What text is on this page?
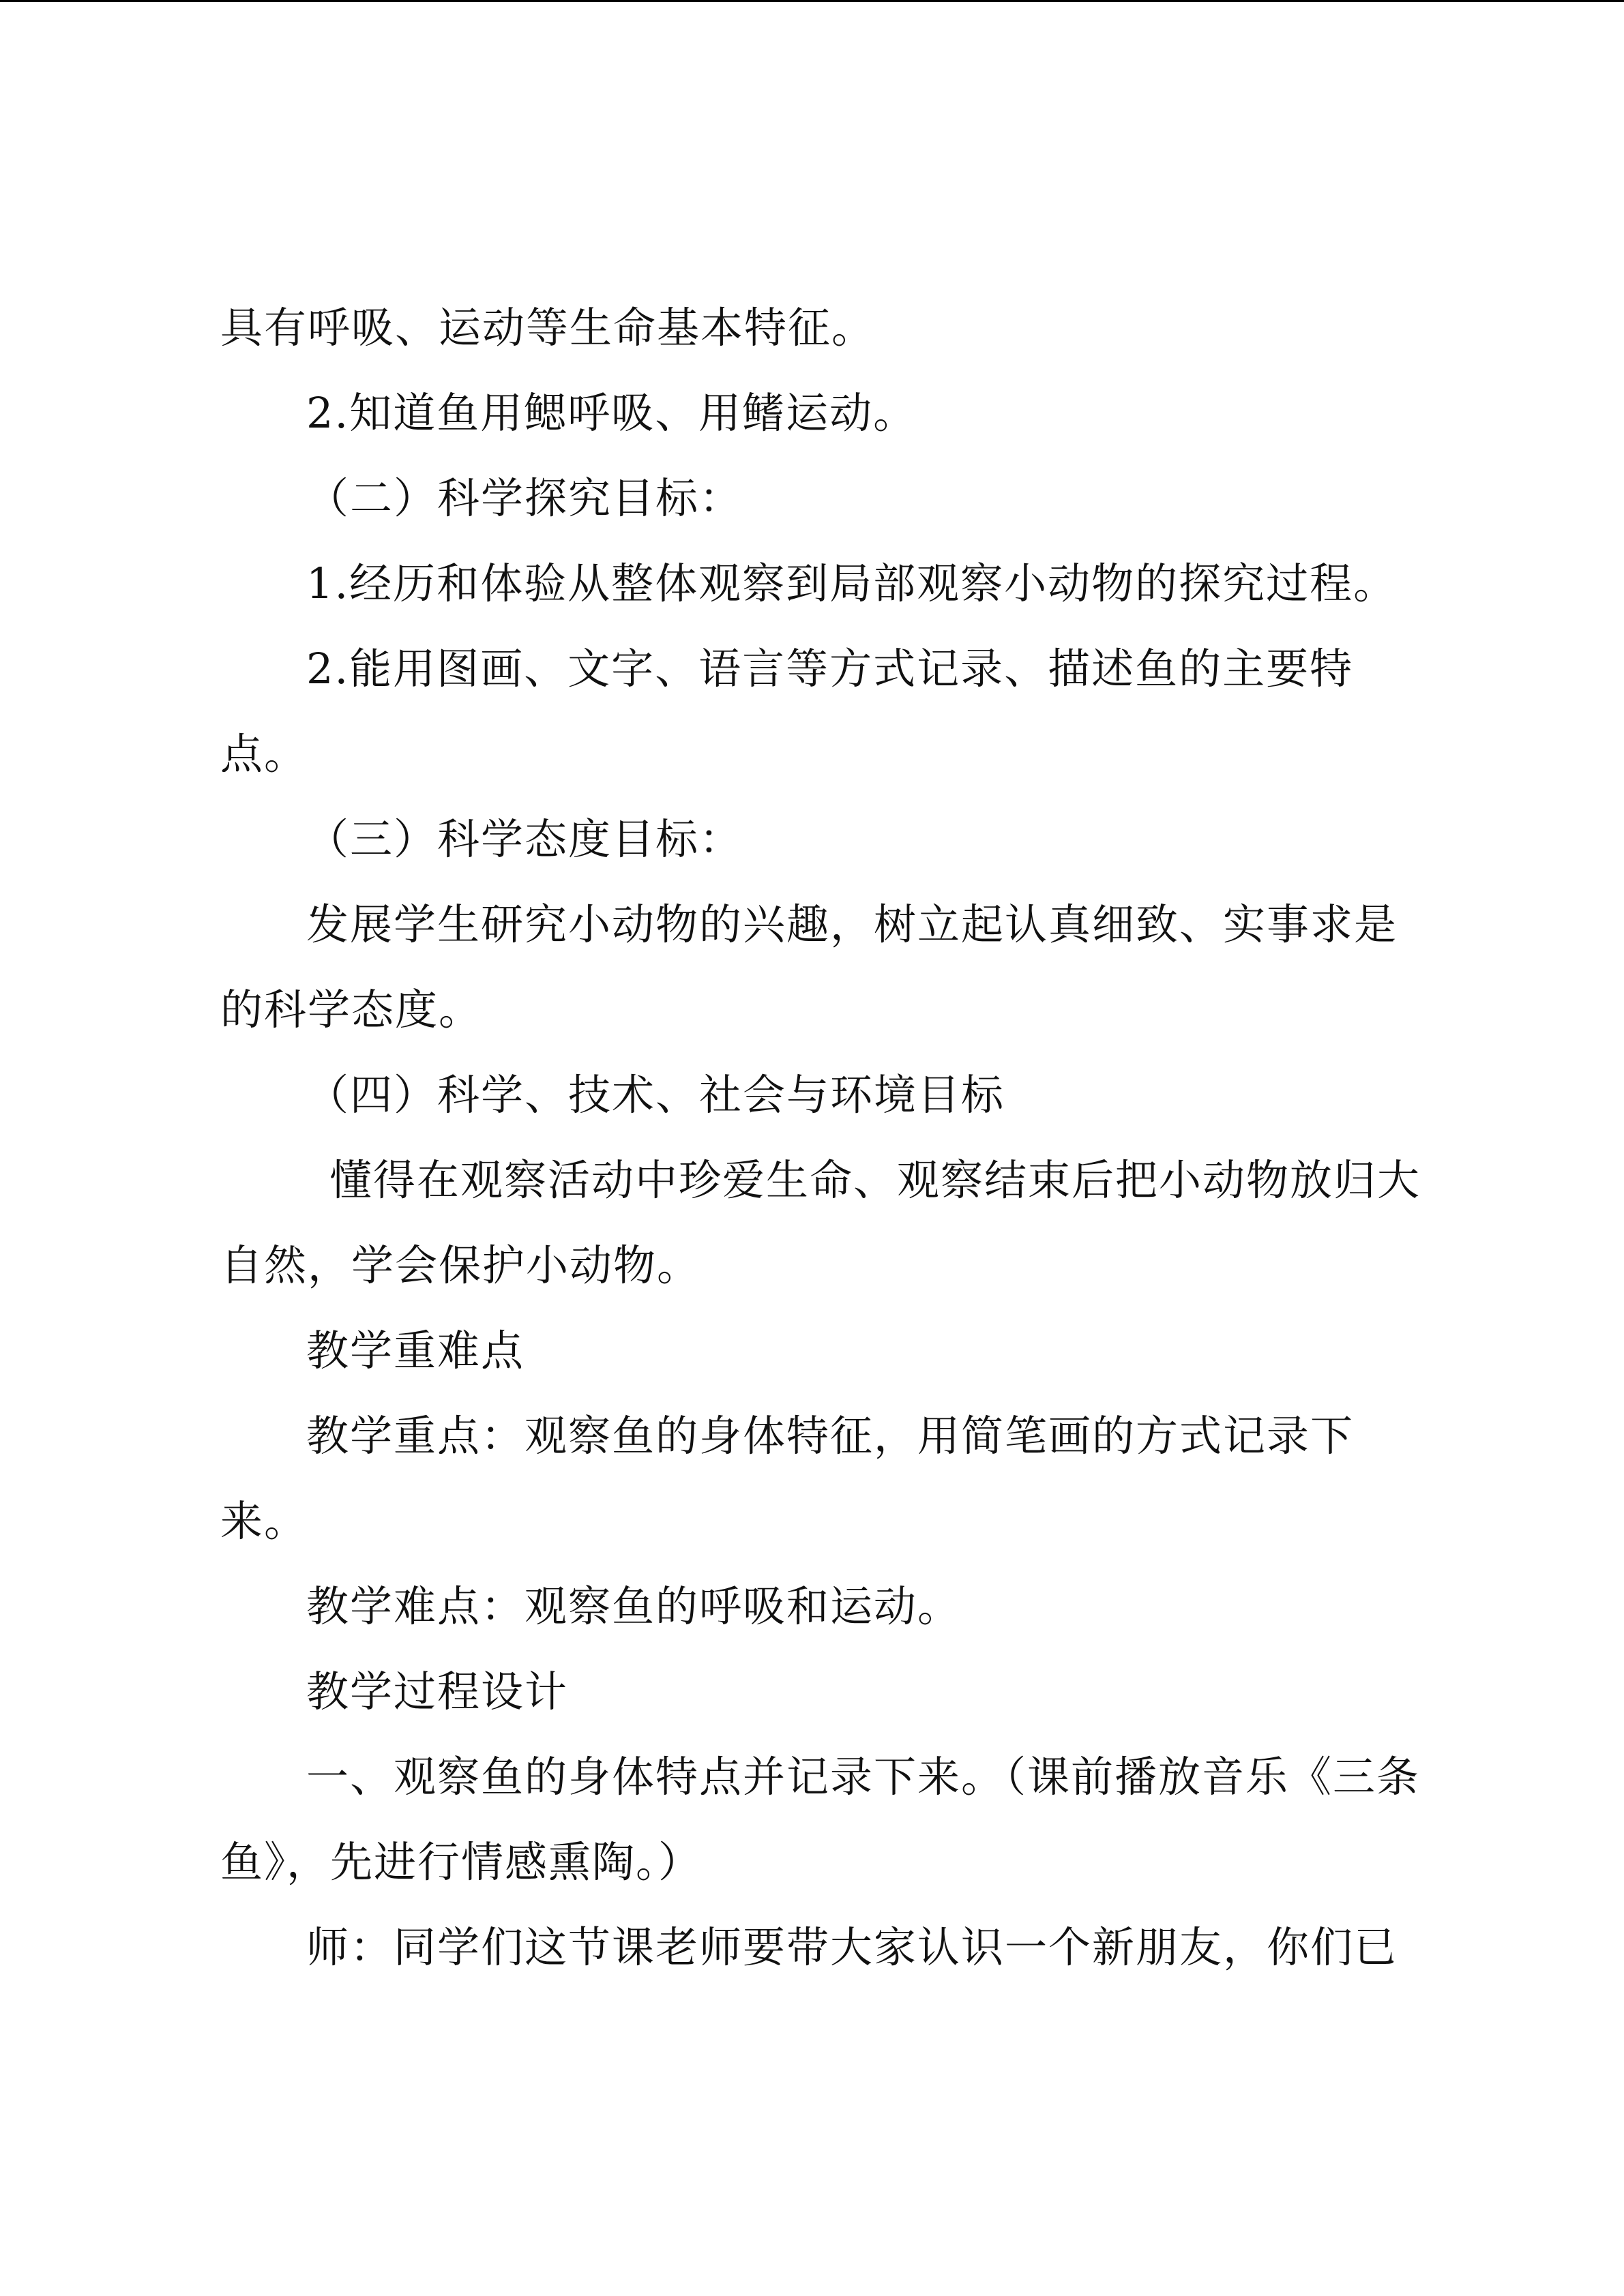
具有呼吸、运动等生命基本特征。
2.知道鱼用鳃呼吸、用鳍运动。
（二）科学探究目标：
1.经历和体验从整体观察到局部观察小动物的探究过程。
2.能用图画、文字、语言等方式记录、描述鱼的主要特
点。
（三）科学态度目标：
发展学生研究小动物的兴趣，树立起认真细致、实事求是
的科学态度。
（四）科学、技术、社会与环境目标
懂得在观察活动中珍爱生命、观察结束后把小动物放归大
自然，学会保护小动物。
教学重难点
教学重点：观察鱼的身体特征，用简笔画的方式记录下
来。
教学难点：观察鱼的呼吸和运动。
教学过程设计
一、观察鱼的身体特点并记录下来。（课前播放音乐《三条
鱼》，先进行情感熏陶。）
师：同学们这节课老师要带大家认识一个新朋友，你们已
